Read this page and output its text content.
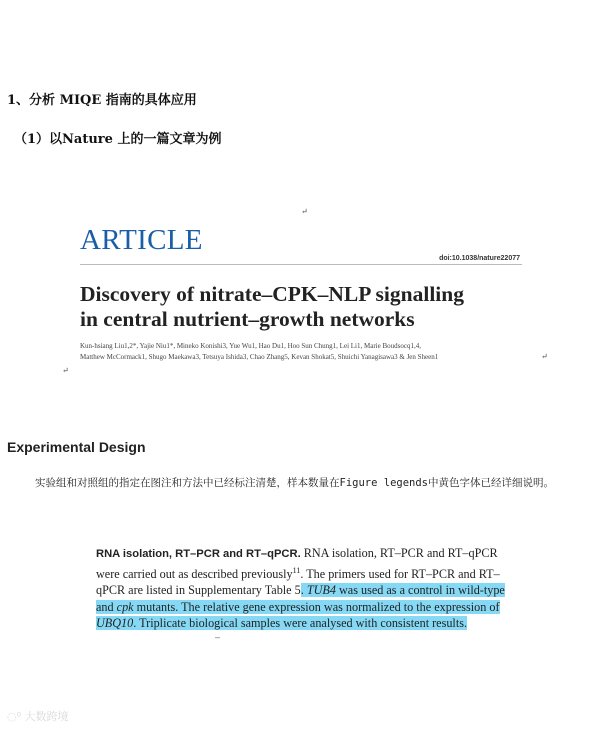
1、分析 MIQE 指南的具体应用
（1）以Nature 上的一篇文章为例
↵
ARTICLE
doi:10.1038/nature22077
Discovery of nitrate–CPK–NLP signalling
in central nutrient–growth networks
Kun-hsiang Liu1,2*, Yajie Niu1*, Mineko Konishi3, Yue Wu1, Hao Du1, Hoo Sun Chung1, Lei Li1, Marie Boudsocq1,4,
Matthew McCormack1, Shugo Maekawa3, Tetsuya Ishida3, Chao Zhang5, Kevan Shokat5, Shuichi Yanagisawa3 & Jen Sheen1	↵
↵
Experimental Design
实验组和对照组的指定在图注和方法中已经标注清楚，样本数量在Figure legends中黄色字体已经详细说明。
RNA isolation, RT–PCR and RT–qPCR. RNA isolation, RT–PCR and RT–qPCR were carried out as described previously$^{11}$. The primers used for RT–PCR and RT–qPCR are listed in Supplementary Table 5. TUB4 was used as a control in wild-type and cpk mutants. The relative gene expression was normalized to the expression of UBQ10. Triplicate biological samples were analysed with consistent results.
–
◌⁰ 大数跨境
